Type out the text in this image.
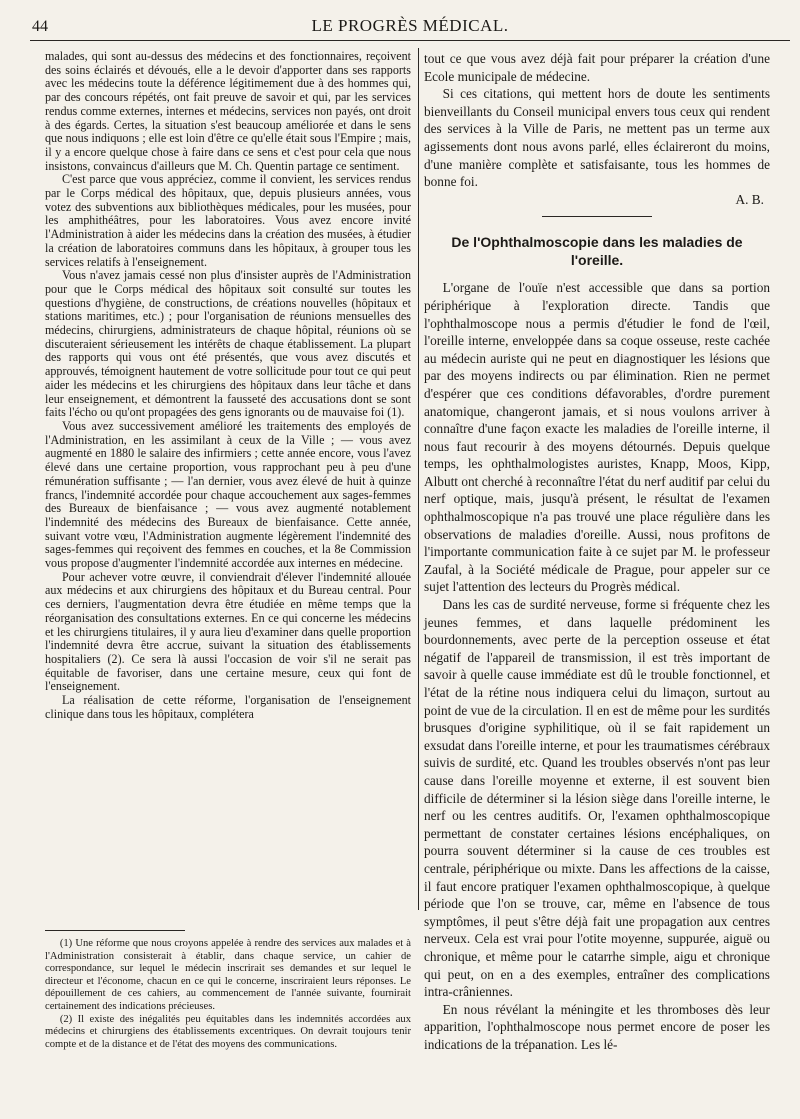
44	LE PROGRÈS MÉDICAL.

malades, qui sont au-dessus des médecins et des fonctionnaires, reçoivent des soins éclairés et dévoués, elle a le devoir d'apporter dans ses rapports avec les médecins toute la déférence légitimement due à des hommes qui, par des concours répétés, ont fait preuve de savoir et qui, par les services rendus comme externes, internes et médecins, services non payés, ont droit à des égards. Certes, la situation s'est beaucoup améliorée et dans le sens que nous indiquons ; elle est loin d'être ce qu'elle était sous l'Empire ; mais, il y a encore quelque chose à faire dans ce sens et c'est pour cela que nous insistons, convaincus d'ailleurs que M. Ch. Quentin partage ce sentiment.

C'est parce que vous appréciez, comme il convient, les services rendus par le Corps médical des hôpitaux, que, depuis plusieurs années, vous votez des subventions aux bibliothèques médicales, pour les musées, pour les amphithéâtres, pour les laboratoires. Vous avez encore invité l'Administration à aider les médecins dans la création des musées, à étudier la création de laboratoires communs dans les hôpitaux, à grouper tous les services relatifs à l'enseignement.

Vous n'avez jamais cessé non plus d'insister auprès de l'Administration pour que le Corps médical des hôpitaux soit consulté sur toutes les questions d'hygiène, de constructions, de créations nouvelles (hôpitaux et stations maritimes, etc.) ; pour l'organisation de réunions mensuelles des médecins, chirurgiens, administrateurs de chaque hôpital, réunions où se discuteraient sérieusement les intérêts de chaque établissement. La plupart des rapports qui vous ont été présentés, que vous avez discutés et approuvés, témoignent hautement de votre sollicitude pour tout ce qui peut aider les médecins et les chirurgiens des hôpitaux dans leur tâche et dans leur enseignement, et démontrent la fausseté des accusations dont se sont faits l'écho ou qu'ont propagées des gens ignorants ou de mauvaise foi (1).

Vous avez successivement amélioré les traitements des employés de l'Administration, en les assimilant à ceux de la Ville ; — vous avez augmenté en 1880 le salaire des infirmiers ; cette année encore, vous l'avez élevé dans une certaine proportion, vous rapprochant peu à peu d'une rémunération suffisante ; — l'an dernier, vous avez élevé de huit à quinze francs, l'indemnité accordée pour chaque accouchement aux sages-femmes des Bureaux de bienfaisance ; — vous avez augmenté notablement l'indemnité des médecins des Bureaux de bienfaisance. Cette année, suivant votre vœu, l'Administration augmente légèrement l'indemnité des sages-femmes qui reçoivent des femmes en couches, et la 8e Commission vous propose d'augmenter l'indemnité accordée aux internes en médecine.

Pour achever votre œuvre, il conviendrait d'élever l'indemnité allouée aux médecins et aux chirurgiens des hôpitaux et du Bureau central. Pour ces derniers, l'augmentation devra être étudiée en même temps que la réorganisation des consultations externes. En ce qui concerne les médecins et les chirurgiens titulaires, il y aura lieu d'examiner dans quelle proportion l'indemnité devra être accrue, suivant la situation des établissements hospitaliers (2). Ce sera là aussi l'occasion de voir s'il ne serait pas équitable de favoriser, dans une certaine mesure, ceux qui font de l'enseignement.

La réalisation de cette réforme, l'organisation de l'enseignement clinique dans tous les hôpitaux, complétera

tout ce que vous avez déjà fait pour préparer la création d'une Ecole municipale de médecine.

Si ces citations, qui mettent hors de doute les sentiments bienveillants du Conseil municipal envers tous ceux qui rendent des services à la Ville de Paris, ne mettent pas un terme aux agissements dont nous avons parlé, elles éclaireront du moins, d'une manière complète et satisfaisante, tous les hommes de bonne foi.

A. B.
De l'Ophthalmoscopie dans les maladies de l'oreille.

L'organe de l'ouïe n'est accessible que dans sa portion périphérique à l'exploration directe. Tandis que l'ophthalmoscope nous a permis d'étudier le fond de l'œil, l'oreille interne, enveloppée dans sa coque osseuse, reste cachée au médecin auriste qui ne peut en diagnostiquer les lésions que par des moyens indirects ou par élimination. Rien ne permet d'espérer que ces conditions défavorables, d'ordre purement anatomique, changeront jamais, et si nous voulons arriver à connaître d'une façon exacte les maladies de l'oreille interne, il nous faut recourir à des moyens détournés. Depuis quelque temps, les ophthalmologistes auristes, Knapp, Moos, Kipp, Albutt ont cherché à reconnaître l'état du nerf auditif par celui du nerf optique, mais, jusqu'à présent, le résultat de l'examen ophthalmoscopique n'a pas trouvé une place régulière dans les observations de maladies d'oreille. Aussi, nous profitons de l'importante communication faite à ce sujet par M. le professeur Zaufal, à la Société médicale de Prague, pour appeler sur ce sujet l'attention des lecteurs du Progrès médical.

Dans les cas de surdité nerveuse, forme si fréquente chez les jeunes femmes, et dans laquelle prédominent les bourdonnements, avec perte de la perception osseuse et état négatif de l'appareil de transmission, il est très important de savoir à quelle cause immédiate est dû le trouble fonctionnel, et l'état de la rétine nous indiquera celui du limaçon, surtout au point de vue de la circulation. Il en est de même pour les surdités brusques d'origine syphilitique, où il se fait rapidement un exsudat dans l'oreille interne, et pour les traumatismes cérébraux suivis de surdité, etc. Quand les troubles observés n'ont pas leur cause dans l'oreille moyenne et externe, il est souvent bien difficile de déterminer si la lésion siège dans l'oreille interne, le nerf ou les centres auditifs. Or, l'examen ophthalmoscopique permettant de constater certaines lésions encéphaliques, on pourra souvent déterminer si la cause de ces troubles est centrale, périphérique ou mixte. Dans les affections de la caisse, il faut encore pratiquer l'examen ophthalmoscopique, à quelque période que l'on se trouve, car, même en l'absence de tous symptômes, il peut s'être déjà fait une propagation aux centres nerveux. Cela est vrai pour l'otite moyenne, suppurée, aiguë ou chronique, et même pour le catarrhe simple, aigu et chronique qui peut, on en a des exemples, entraîner des complications intra-crâniennes.

En nous révélant la méningite et les thromboses dès leur apparition, l'ophthalmoscope nous permet encore de poser les indications de la trépanation. Les lé-

(1) Une réforme que nous croyons appelée à rendre des services aux malades et à l'Administration consisterait à établir, dans chaque service, un cahier de correspondance, sur lequel le médecin inscrirait ses demandes et sur lequel le directeur et l'économe, chacun en ce qui le concerne, inscriraient leurs réponses. Le dépouillement de ces cahiers, au commencement de l'année suivante, fournirait certainement des indications précieuses.

(2) Il existe des inégalités peu équitables dans les indemnités accordées aux médecins et chirurgiens des établissements excentriques. On devrait toujours tenir compte et de la distance et de l'état des moyens des communications.
